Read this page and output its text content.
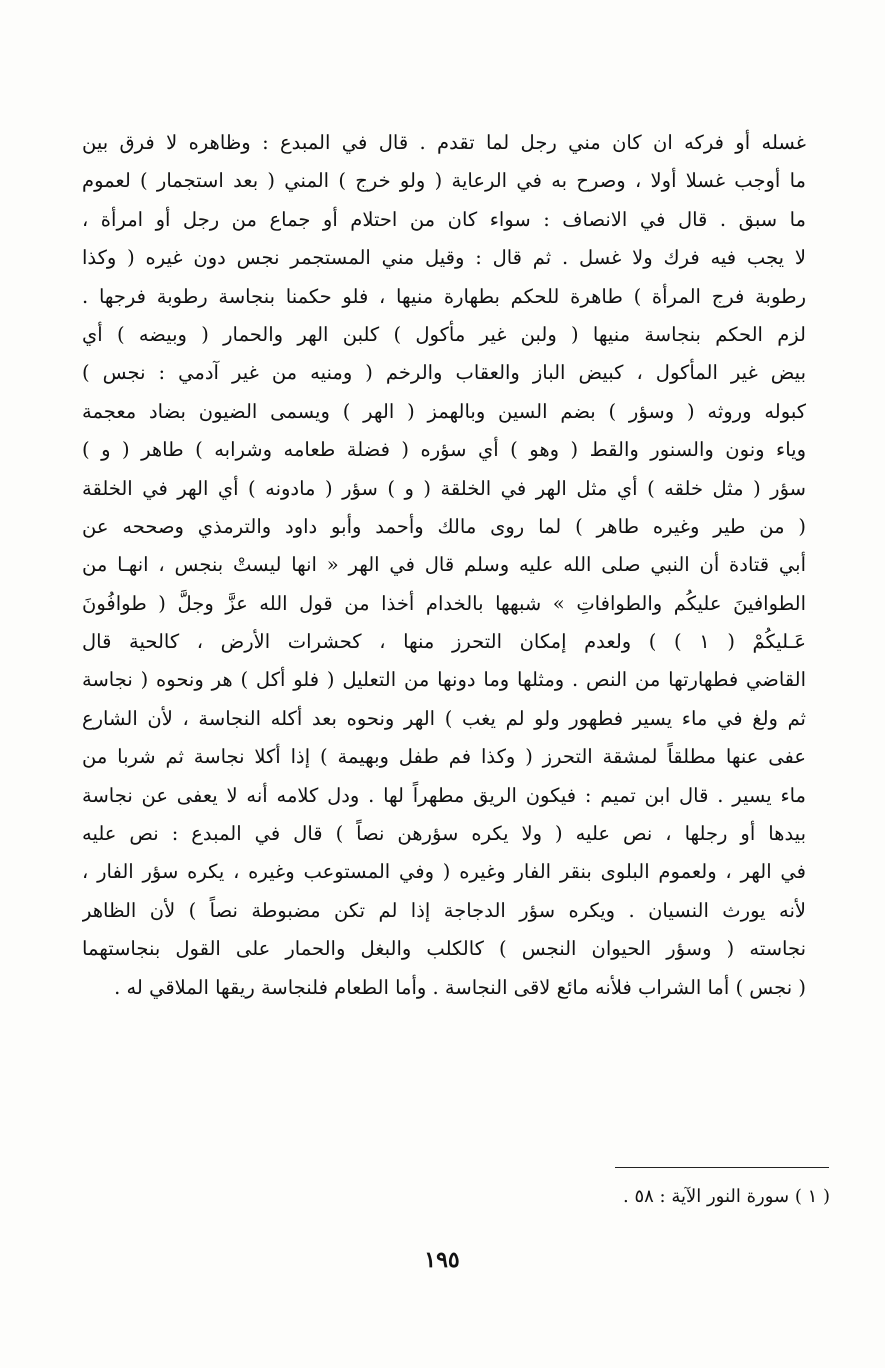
غسله أو فركه ان كان مني رجل لما تقدم . قال في المبدع : وظاهره لا فرق بين
ما أوجب غسلا أولا ، وصرح به في الرعاية ( ولو خرج ) المني ( بعد استجمار ) لعموم
ما سبق . قال في الانصاف : سواء كان من احتلام أو جماع من رجل أو امرأة ،
لا يجب فيه فرك ولا غسل . ثم قال : وقيل مني المستجمر نجس دون غيره ( وكذا
رطوبة فرج المرأة ) طاهرة للحكم بطهارة منيها ، فلو حكمنا بنجاسة رطوبة فرجها .
لزم الحكم بنجاسة منيها ( ولبن غير مأكول ) كلبن الهر والحمار ( وبيضه ) أي
بيض غير المأكول ، كبيض الباز والعقاب والرخم ( ومنيه من غير آدمي : نجس )
كبوله وروثه ( وسؤر ) بضم السين وبالهمز ( الهر ) ويسمى الضيون بضاد معجمة
وياء ونون والسنور والقط ( وهو ) أي سؤره ( فضلة طعامه وشرابه ) طاهر ( و )
سؤر ( مثل خلقه ) أي مثل الهر في الخلقة ( و ) سؤر ( مادونه ) أي الهر في الخلقة
( من طير وغيره طاهر ) لما روى مالك وأحمد وأبو داود والترمذي وصححه عن
أبي قتادة أن النبي صلى الله عليه وسلم قال في الهر « انها ليستْ بنجس ، انهـا من
الطوافينَ عليكُم والطوافاتِ » شبهها بالخدام أخذا من قول الله عزَّ وجلَّ ( طوافُونَ
عَـليكُمْ ( ١ ) ) ولعدم إمكان التحرز منها ، كحشرات الأرض ، كالحية قال
القاضي فطهارتها من النص . ومثلها وما دونها من التعليل ( فلو أكل ) هر ونحوه ( نجاسة
ثم ولغ في ماء يسير فطهور ولو لم يغب ) الهر ونحوه بعد أكله النجاسة ، لأن الشارع
عفى عنها مطلقاً لمشقة التحرز ( وكذا فم طفل وبهيمة ) إذا أكلا نجاسة ثم شربا من
ماء يسير . قال ابن تميم : فيكون الريق مطهراً لها . ودل كلامه أنه لا يعفى عن نجاسة
بيدها أو رجلها ، نص عليه ( ولا يكره سؤرهن نصاً ) قال في المبدع : نص عليه
في الهر ، ولعموم البلوى بنقر الفار وغيره ( وفي المستوعب وغيره ، يكره سؤر الفار ،
لأنه يورث النسيان . ويكره سؤر الدجاجة إذا لم تكن مضبوطة نصاً ) لأن الظاهر
نجاسته ( وسؤر الحيوان النجس ) كالكلب والبغل والحمار على القول بنجاستهما
( نجس ) أما الشراب فلأنه مائع لاقى النجاسة . وأما الطعام فلنجاسة ريقها الملاقي له .
( ١ ) سورة النور الآية : ٥٨ .
١٩٥
